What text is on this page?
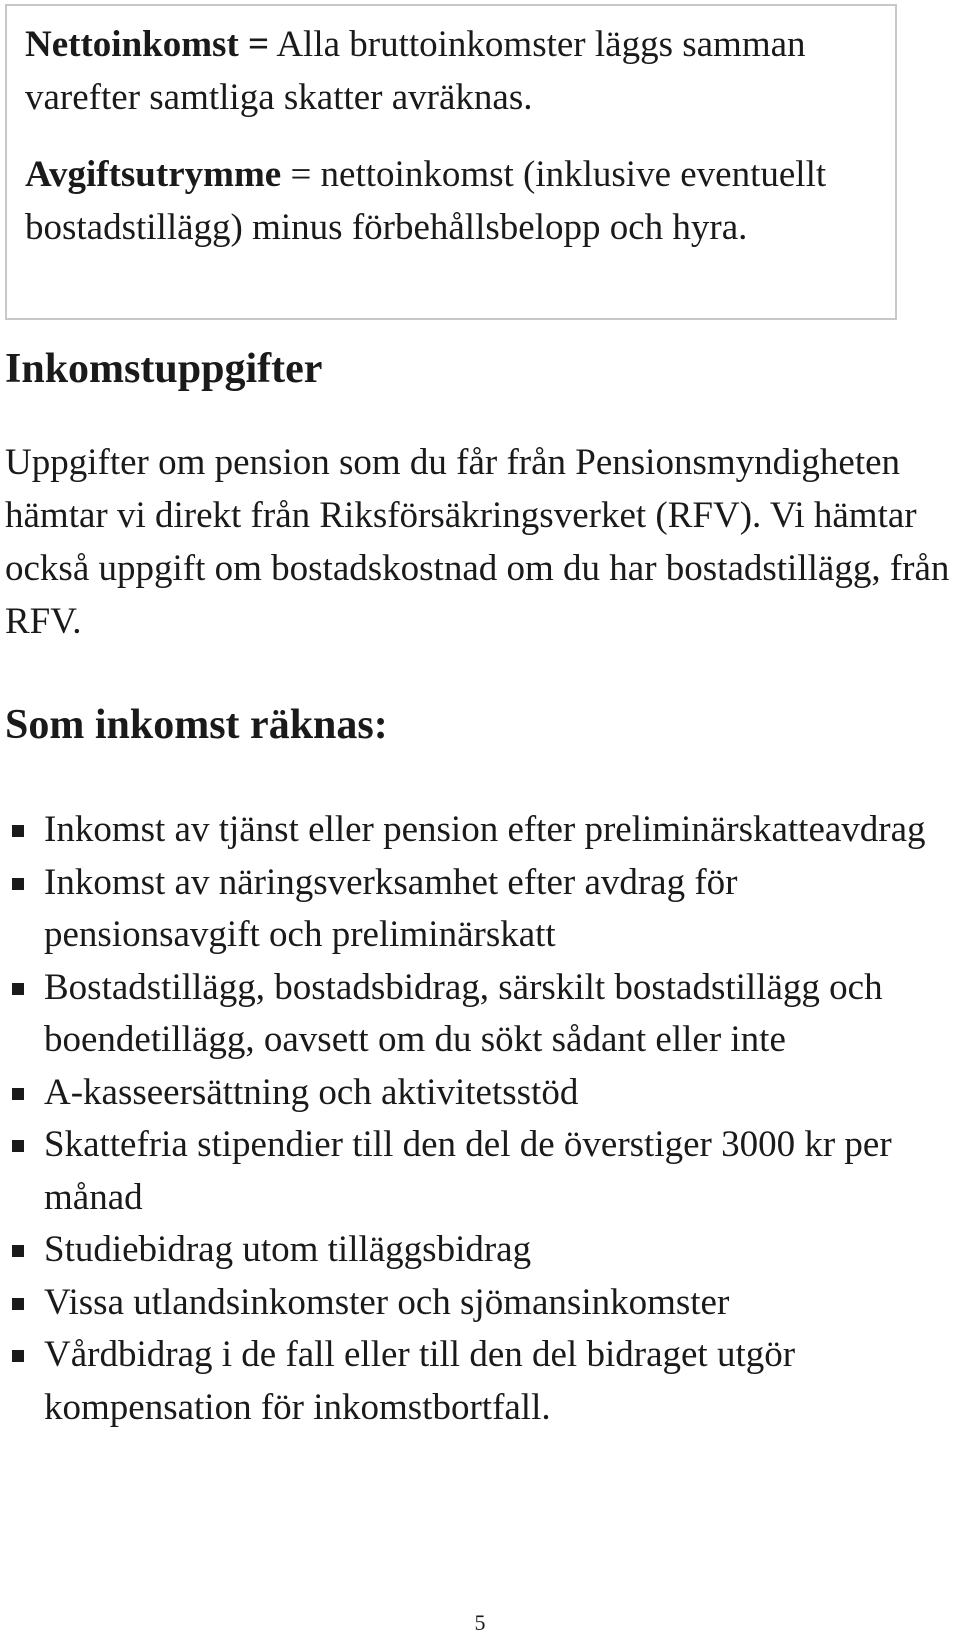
Nettoinkomst = Alla bruttoinkomster läggs samman varefter samtliga skatter avräknas.

Avgiftsutrymme = nettoinkomst (inklusive eventuellt bostadstillägg) minus förbehållsbelopp och hyra.

Inkomstuppgifter

Uppgifter om pension som du får från Pensionsmyndigheten hämtar vi direkt från Riksförsäkringsverket (RFV). Vi hämtar också uppgift om bostadskostnad om du har bostadstillägg, från RFV.

Som inkomst räknas:
Inkomst av tjänst eller pension efter preliminärskatteavdrag
Inkomst av näringsverksamhet efter avdrag för pensionsavgift och preliminärskatt
Bostadstillägg, bostadsbidrag, särskilt bostadstillägg och boendetillägg, oavsett om du sökt sådant eller inte
A-kasseersättning och aktivitetsstöd
Skattefria stipendier till den del de överstiger 3000 kr per månad
Studiebidrag utom tilläggsbidrag
Vissa utlandsinkomster och sjömansinkomster
Vårdbidrag i de fall eller till den del bidraget utgör kompensation för inkomstbortfall.
5
